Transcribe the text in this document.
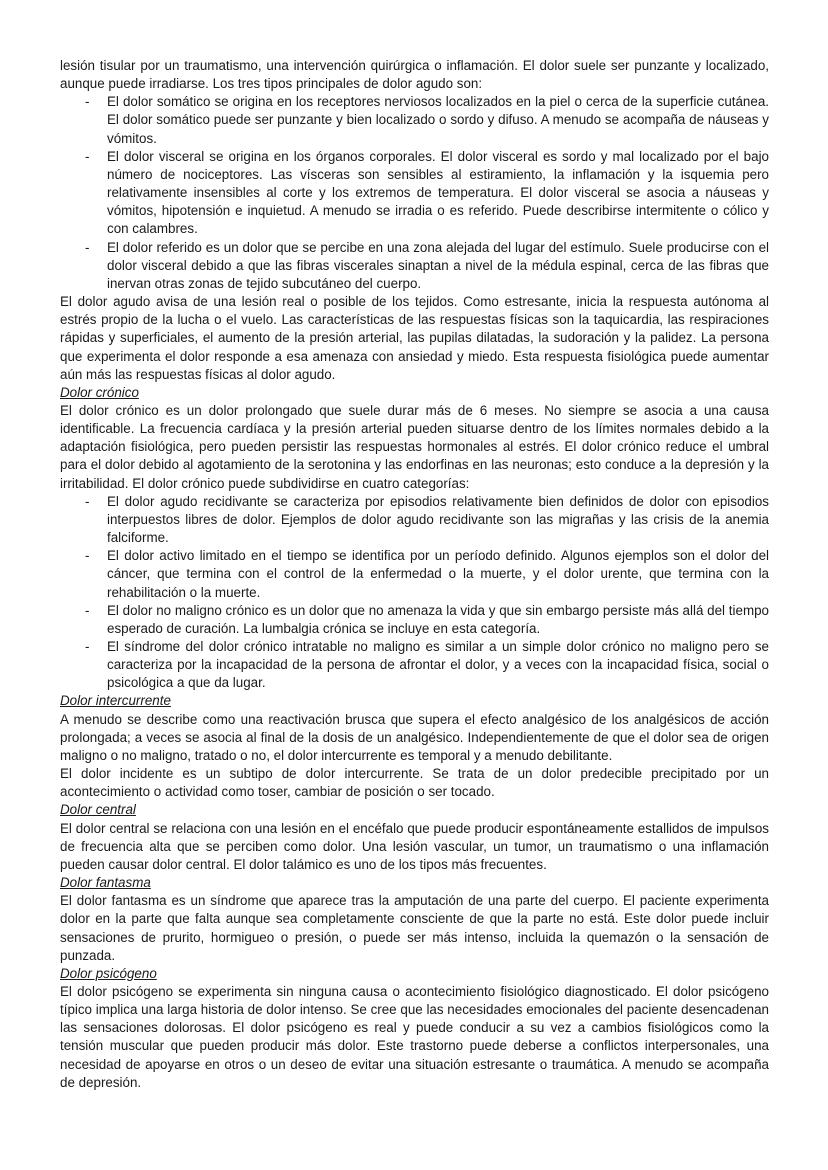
lesión tisular por un traumatismo, una intervención quirúrgica o inflamación. El dolor suele ser punzante y localizado, aunque puede irradiarse. Los tres tipos principales de dolor agudo son:

- El dolor somático se origina en los receptores nerviosos localizados en la piel o cerca de la superficie cutánea. El dolor somático puede ser punzante y bien localizado o sordo y difuso. A menudo se acompaña de náuseas y vómitos.
- El dolor visceral se origina en los órganos corporales. El dolor visceral es sordo y mal localizado por el bajo número de nociceptores. Las vísceras son sensibles al estiramiento, la inflamación y la isquemia pero relativamente insensibles al corte y los extremos de temperatura. El dolor visceral se asocia a náuseas y vómitos, hipotensión e inquietud. A menudo se irradia o es referido. Puede describirse intermitente o cólico y con calambres.
- El dolor referido es un dolor que se percibe en una zona alejada del lugar del estímulo. Suele producirse con el dolor visceral debido a que las fibras viscerales sinaptan a nivel de la médula espinal, cerca de las fibras que inervan otras zonas de tejido subcutáneo del cuerpo.

El dolor agudo avisa de una lesión real o posible de los tejidos. Como estresante, inicia la respuesta autónoma al estrés propio de la lucha o el vuelo. Las características de las respuestas físicas son la taquicardia, las respiraciones rápidas y superficiales, el aumento de la presión arterial, las pupilas dilatadas, la sudoración y la palidez. La persona que experimenta el dolor responde a esa amenaza con ansiedad y miedo. Esta respuesta fisiológica puede aumentar aún más las respuestas físicas al dolor agudo.

Dolor crónico

El dolor crónico es un dolor prolongado que suele durar más de 6 meses. No siempre se asocia a una causa identificable. La frecuencia cardíaca y la presión arterial pueden situarse dentro de los límites normales debido a la adaptación fisiológica, pero pueden persistir las respuestas hormonales al estrés. El dolor crónico reduce el umbral para el dolor debido al agotamiento de la serotonina y las endorfinas en las neuronas; esto conduce a la depresión y la irritabilidad. El dolor crónico puede subdividirse en cuatro categorías:

- El dolor agudo recidivante se caracteriza por episodios relativamente bien definidos de dolor con episodios interpuestos libres de dolor. Ejemplos de dolor agudo recidivante son las migrañas y las crisis de la anemia falciforme.
- El dolor activo limitado en el tiempo se identifica por un período definido. Algunos ejemplos son el dolor del cáncer, que termina con el control de la enfermedad o la muerte, y el dolor urente, que termina con la rehabilitación o la muerte.
- El dolor no maligno crónico es un dolor que no amenaza la vida y que sin embargo persiste más allá del tiempo esperado de curación. La lumbalgia crónica se incluye en esta categoría.
- El síndrome del dolor crónico intratable no maligno es similar a un simple dolor crónico no maligno pero se caracteriza por la incapacidad de la persona de afrontar el dolor, y a veces con la incapacidad física, social o psicológica a que da lugar.

Dolor intercurrente

A menudo se describe como una reactivación brusca que supera el efecto analgésico de los analgésicos de acción prolongada; a veces se asocia al final de la dosis de un analgésico. Independientemente de que el dolor sea de origen maligno o no maligno, tratado o no, el dolor intercurrente es temporal y a menudo debilitante.

El dolor incidente es un subtipo de dolor intercurrente. Se trata de un dolor predecible precipitado por un acontecimiento o actividad como toser, cambiar de posición o ser tocado.

Dolor central

El dolor central se relaciona con una lesión en el encéfalo que puede producir espontáneamente estallidos de impulsos de frecuencia alta que se perciben como dolor. Una lesión vascular, un tumor, un traumatismo o una inflamación pueden causar dolor central. El dolor talámico es uno de los tipos más frecuentes.

Dolor fantasma

El dolor fantasma es un síndrome que aparece tras la amputación de una parte del cuerpo. El paciente experimenta dolor en la parte que falta aunque sea completamente consciente de que la parte no está. Este dolor puede incluir sensaciones de prurito, hormigueo o presión, o puede ser más intenso, incluida la quemazón o la sensación de punzada.

Dolor psicógeno

El dolor psicógeno se experimenta sin ninguna causa o acontecimiento fisiológico diagnosticado. El dolor psicógeno típico implica una larga historia de dolor intenso. Se cree que las necesidades emocionales del paciente desencadenan las sensaciones dolorosas. El dolor psicógeno es real y puede conducir a su vez a cambios fisiológicos como la tensión muscular que pueden producir más dolor. Este trastorno puede deberse a conflictos interpersonales, una necesidad de apoyarse en otros o un deseo de evitar una situación estresante o traumática. A menudo se acompaña de depresión.
